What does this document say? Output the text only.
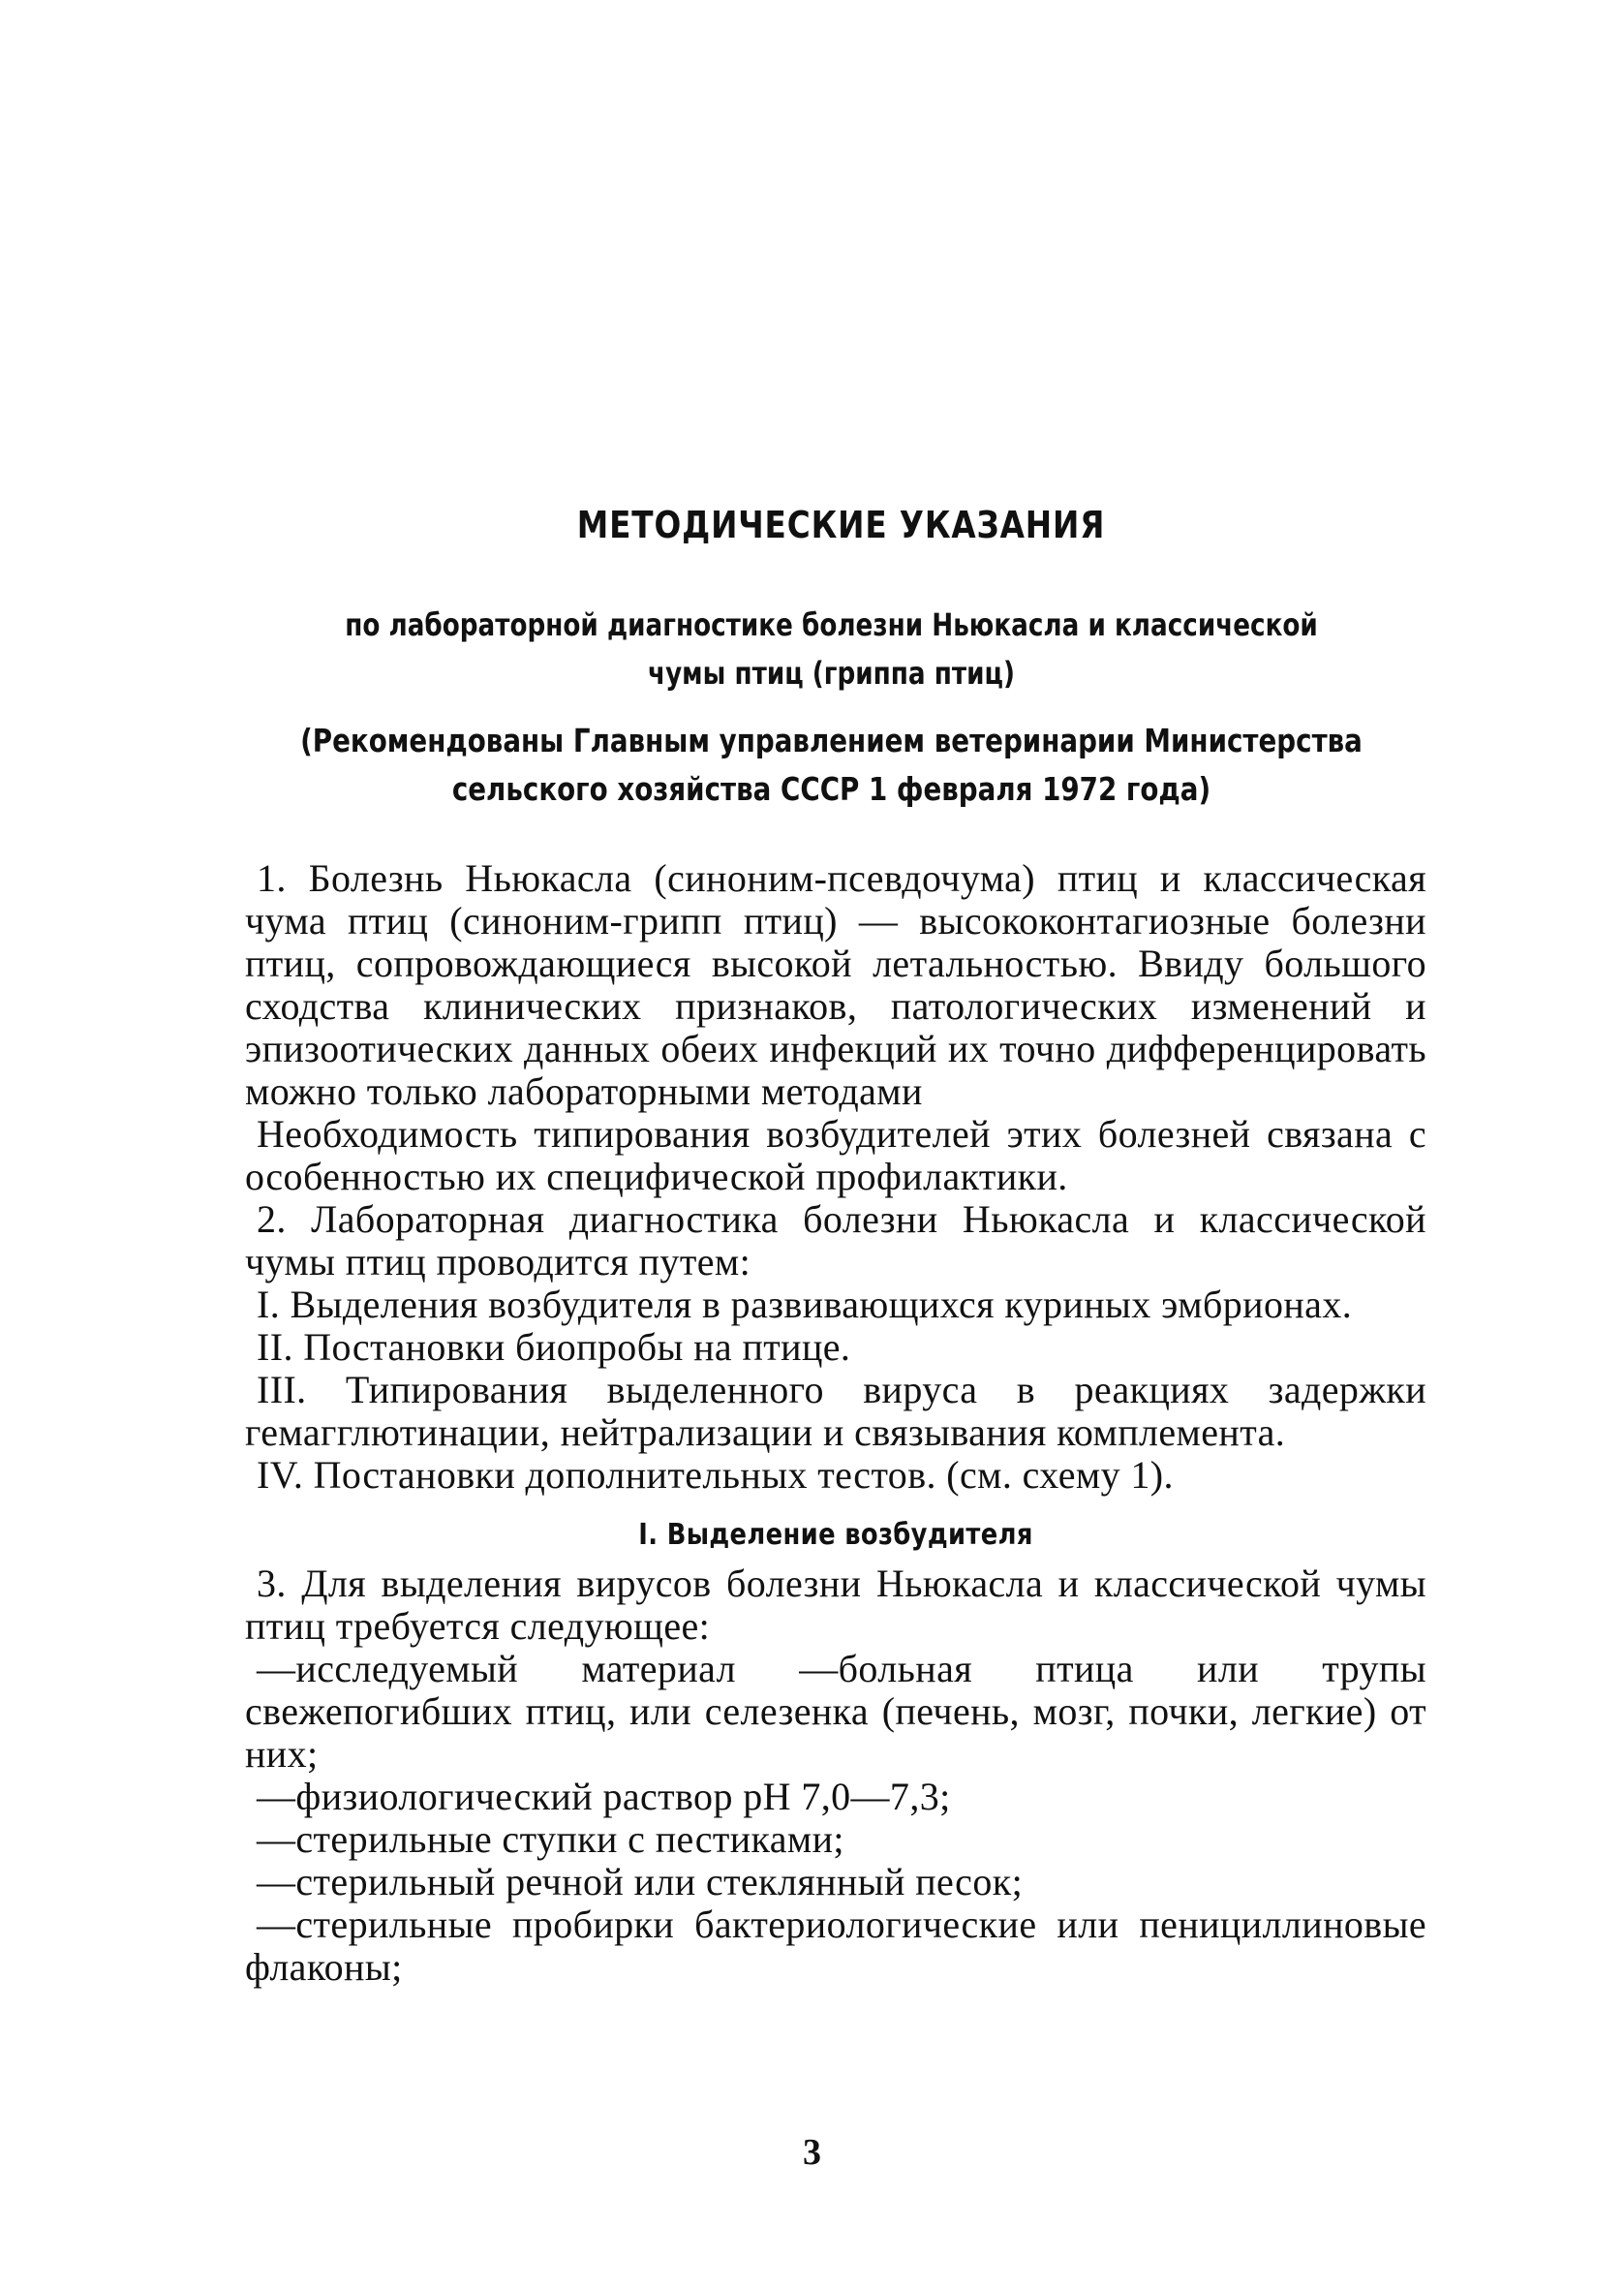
МЕТОДИЧЕСКИЕ УКАЗАНИЯ
по лабораторной диагностике болезни Ньюкасла и классической
чумы птиц (гриппа птиц)
(Рекомендованы Главным управлением ветеринарии Министерства
сельского хозяйства СССР 1 февраля 1972 года)

1. Болезнь Ньюкасла (синоним-псевдочума) птиц и классическая чума птиц (синоним-грипп птиц) — высококонтагиозные болезни птиц, сопровождающиеся высокой летальностью. Ввиду большого сходства клинических признаков, патологических изменений и эпизоотических данных обеих инфекций их точно дифференцировать можно только лабораторными методами

Необходимость типирования возбудителей этих болезней связана с особенностью их специфической профилактики.

2. Лабораторная диагностика болезни Ньюкасла и классической чумы птиц проводится путем:

I. Выделения возбудителя в развивающихся куриных эмбрионах.

II. Постановки биопробы на птице.

III. Типирования выделенного вируса в реакциях задержки гемагглютинации, нейтрализации и связывания комплемента.

IV. Постановки дополнительных тестов. (см. схему 1).

I. Выделение возбудителя

3. Для выделения вирусов болезни Ньюкасла и классической чумы птиц требуется следующее:

—исследуемый материал —больная птица или трупы свежепогибших птиц, или селезенка (печень, мозг, почки, легкие) от них;

—физиологический раствор рН 7,0—7,3;

—стерильные ступки с пестиками;

—стерильный речной или стеклянный песок;

—стерильные пробирки бактериологические или пенициллиновые флаконы;

3
